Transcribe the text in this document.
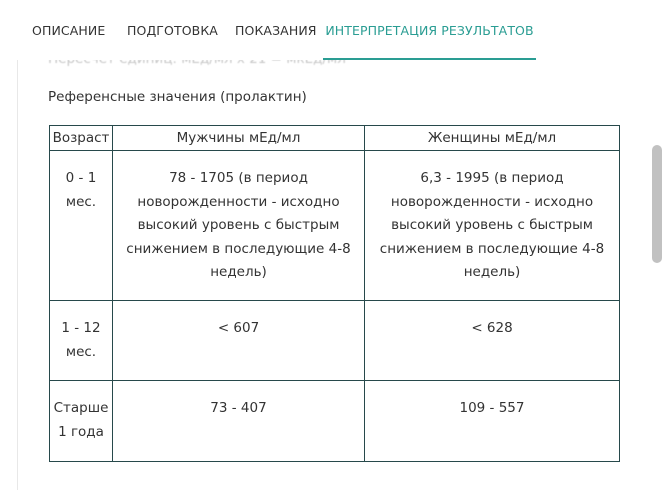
ОПИСАНИЕ ПОДГОТОВКА ПОКАЗАНИЯ ИНТЕРПРЕТАЦИЯ РЕЗУЛЬТАТОВ
Референсные значения (пролактин)
Возраст	Мужчины мЕд/мл	Женщины мЕд/мл
0 - 1 мес.	78 - 1705 (в период новорожденности - исходно высокий уровень с быстрым снижением в последующие 4-8 недель)	6,3 - 1995 (в период новорожденности - исходно высокий уровень с быстрым снижением в последующие 4-8 недель)
1 - 12 мес.	< 607	< 628
Старше 1 года	73 - 407	109 - 557
